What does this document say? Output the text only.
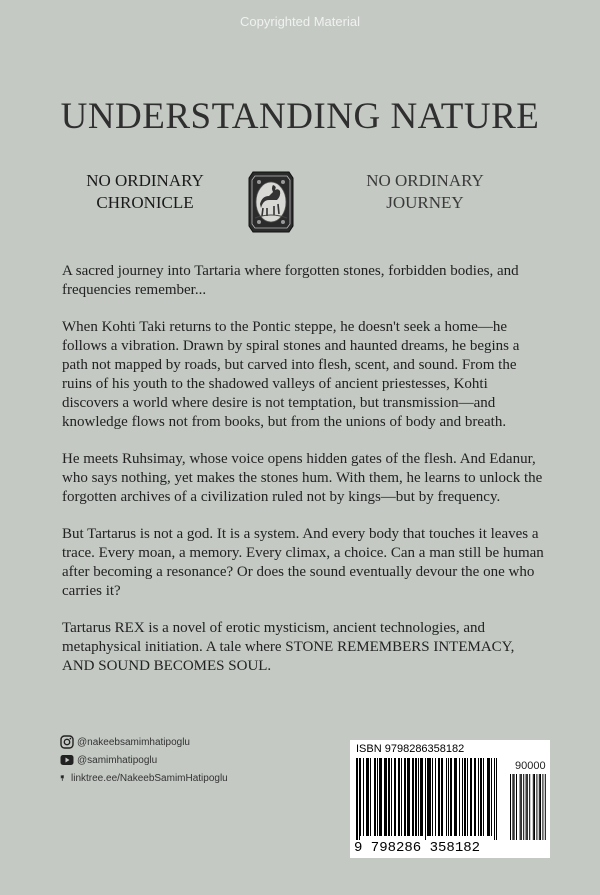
Copyrighted Material
UNDERSTANDING NATURE
NO ORDINARY CHRONICLE
NO ORDINARY JOURNEY

A sacred journey into Tartaria where forgotten stones, forbidden bodies, and frequencies remember...

When Kohti Taki returns to the Pontic steppe, he doesn't seek a home—he follows a vibration. Drawn by spiral stones and haunted dreams, he begins a path not mapped by roads, but carved into flesh, scent, and sound. From the ruins of his youth to the shadowed valleys of ancient priestesses, Kohti discovers a world where desire is not temptation, but transmission—and knowledge flows not from books, but from the unions of body and breath.

He meets Ruhsimay, whose voice opens hidden gates of the flesh. And Edanur, who says nothing, yet makes the stones hum. With them, he learns to unlock the forgotten archives of a civilization ruled not by kings—but by frequency.

But Tartarus is not a god. It is a system. And every body that touches it leaves a trace. Every moan, a memory. Every climax, a choice. Can a man still be human after becoming a resonance? Or does the sound eventually devour the one who carries it?

Tartarus REX is a novel of erotic mysticism, ancient technologies, and metaphysical initiation. A tale where STONE REMEMBERS INTEMACY, AND SOUND BECOMES SOUL.

@nakeebsamimhatipoglu
@samimhatipoglu
linktree.ee/NakeebSamimHatipoglu
ISBN 9798286358182
90000
9 798286 358182
